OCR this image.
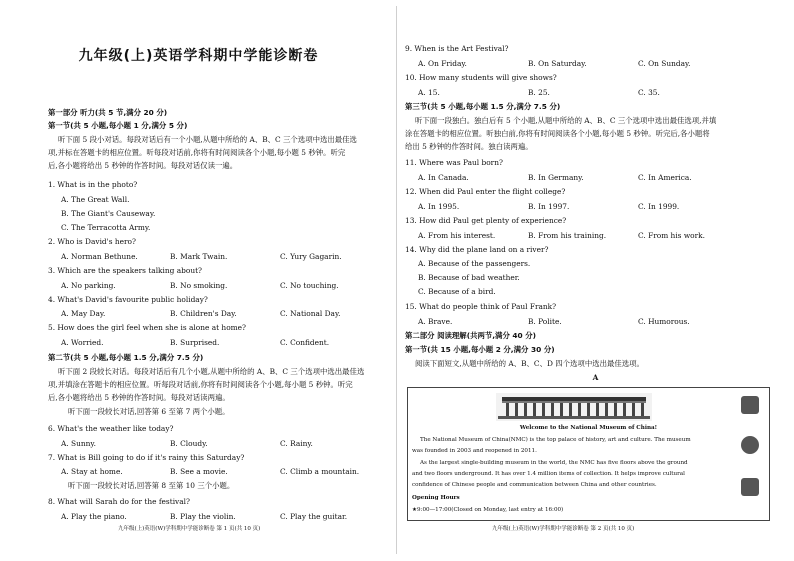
九年级(上)英语学科期中学能诊断卷
第一部分 听力(共 5 节,满分 20 分)
第一节(共 5 小题,每小题 1 分,满分 5 分)
听下面 5 段小对话。每段对话后有一个小题,从题中所给的 A、B、C 三个选项中选出最佳选
项,并标在答题卡的相应位置。听每段对话前,你将有时间阅读各个小题,每小题 5 秒钟。听完
后,各小题将给出 5 秒钟的作答时间。每段对话仅读一遍。
1. What is in the photo?
A. The Great Wall.
B. The Giant's Causeway.
C. The Terracotta Army.
2. Who is David's hero?
A. Norman Bethune.	B. Mark Twain.	C. Yury Gagarin.
3. Which are the speakers talking about?
A. No parking.	B. No smoking.	C. No touching.
4. What's David's favourite public holiday?
A. May Day.	B. Children's Day.	C. National Day.
5. How does the girl feel when she is alone at home?
A. Worried.	B. Surprised.	C. Confident.
第二节(共 5 小题,每小题 1.5 分,满分 7.5 分)
听下面 2 段较长对话。每段对话后有几个小题,从题中所给的 A、B、C 三个选项中选出最佳选
项,并填涂在答题卡的相应位置。听每段对话前,你将有时间阅读各个小题,每小题 5 秒钟。听完
后,各小题将给出 5 秒钟的作答时间。每段对话读两遍。
听下面一段较长对话,回答第 6 至第 7 两个小题。
6. What's the weather like today?
A. Sunny.	B. Cloudy.	C. Rainy.
7. What is Bill going to do if it's rainy this Saturday?
A. Stay at home.	B. See a movie.	C. Climb a mountain.
听下面一段较长对话,回答第 8 至第 10 三个小题。
8. What will Sarah do for the festival?
A. Play the piano.	B. Play the violin.	C. Play the guitar.
九年级(上)英语(W)学科期中学能诊断卷 第 1 页(共 10 页)
9. When is the Art Festival?
A. On Friday.	B. On Saturday.	C. On Sunday.
10. How many students will give shows?
A. 15.	B. 25.	C. 35.
第三节(共 5 小题,每小题 1.5 分,满分 7.5 分)
听下面一段独白。独白后有 5 个小题,从题中所给的 A、B、C 三个选项中选出最佳选项,并填
涂在答题卡的相应位置。听独白前,你将有时间阅读各个小题,每小题 5 秒钟。听完后,各小题将
给出 5 秒钟的作答时间。独白读两遍。
11. Where was Paul born?
A. In Canada.	B. In Germany.	C. In America.
12. When did Paul enter the flight college?
A. In 1995.	B. In 1997.	C. In 1999.
13. How did Paul get plenty of experience?
A. From his interest.	B. From his training.	C. From his work.
14. Why did the plane land on a river?
A. Because of the passengers.
B. Because of bad weather.
C. Because of a bird.
15. What do people think of Paul Frank?
A. Brave.	B. Polite.	C. Humorous.
第二部分 阅读理解(共两节,满分 40 分)
第一节(共 15 小题,每小题 2 分,满分 30 分)
阅读下面短文,从题中所给的 A、B、C、D 四个选项中选出最佳选项。
A
九年级(上)英语(W)学科期中学能诊断卷 第 2 页(共 10 页)
Welcome to the National Museum of China!
The National Museum of China(NMC) is the top palace of history, art and culture. The museum
was founded in 2003 and reopened in 2011.
As the largest single-building museum in the world, the NMC has five floors above the ground
and two floors underground. It has over 1.4 million items of collection. It helps improve cultural
confidence of Chinese people and communication between China and other countries.
Opening Hours
★9:00—17:00(Closed on Monday, last entry at 16:00)
